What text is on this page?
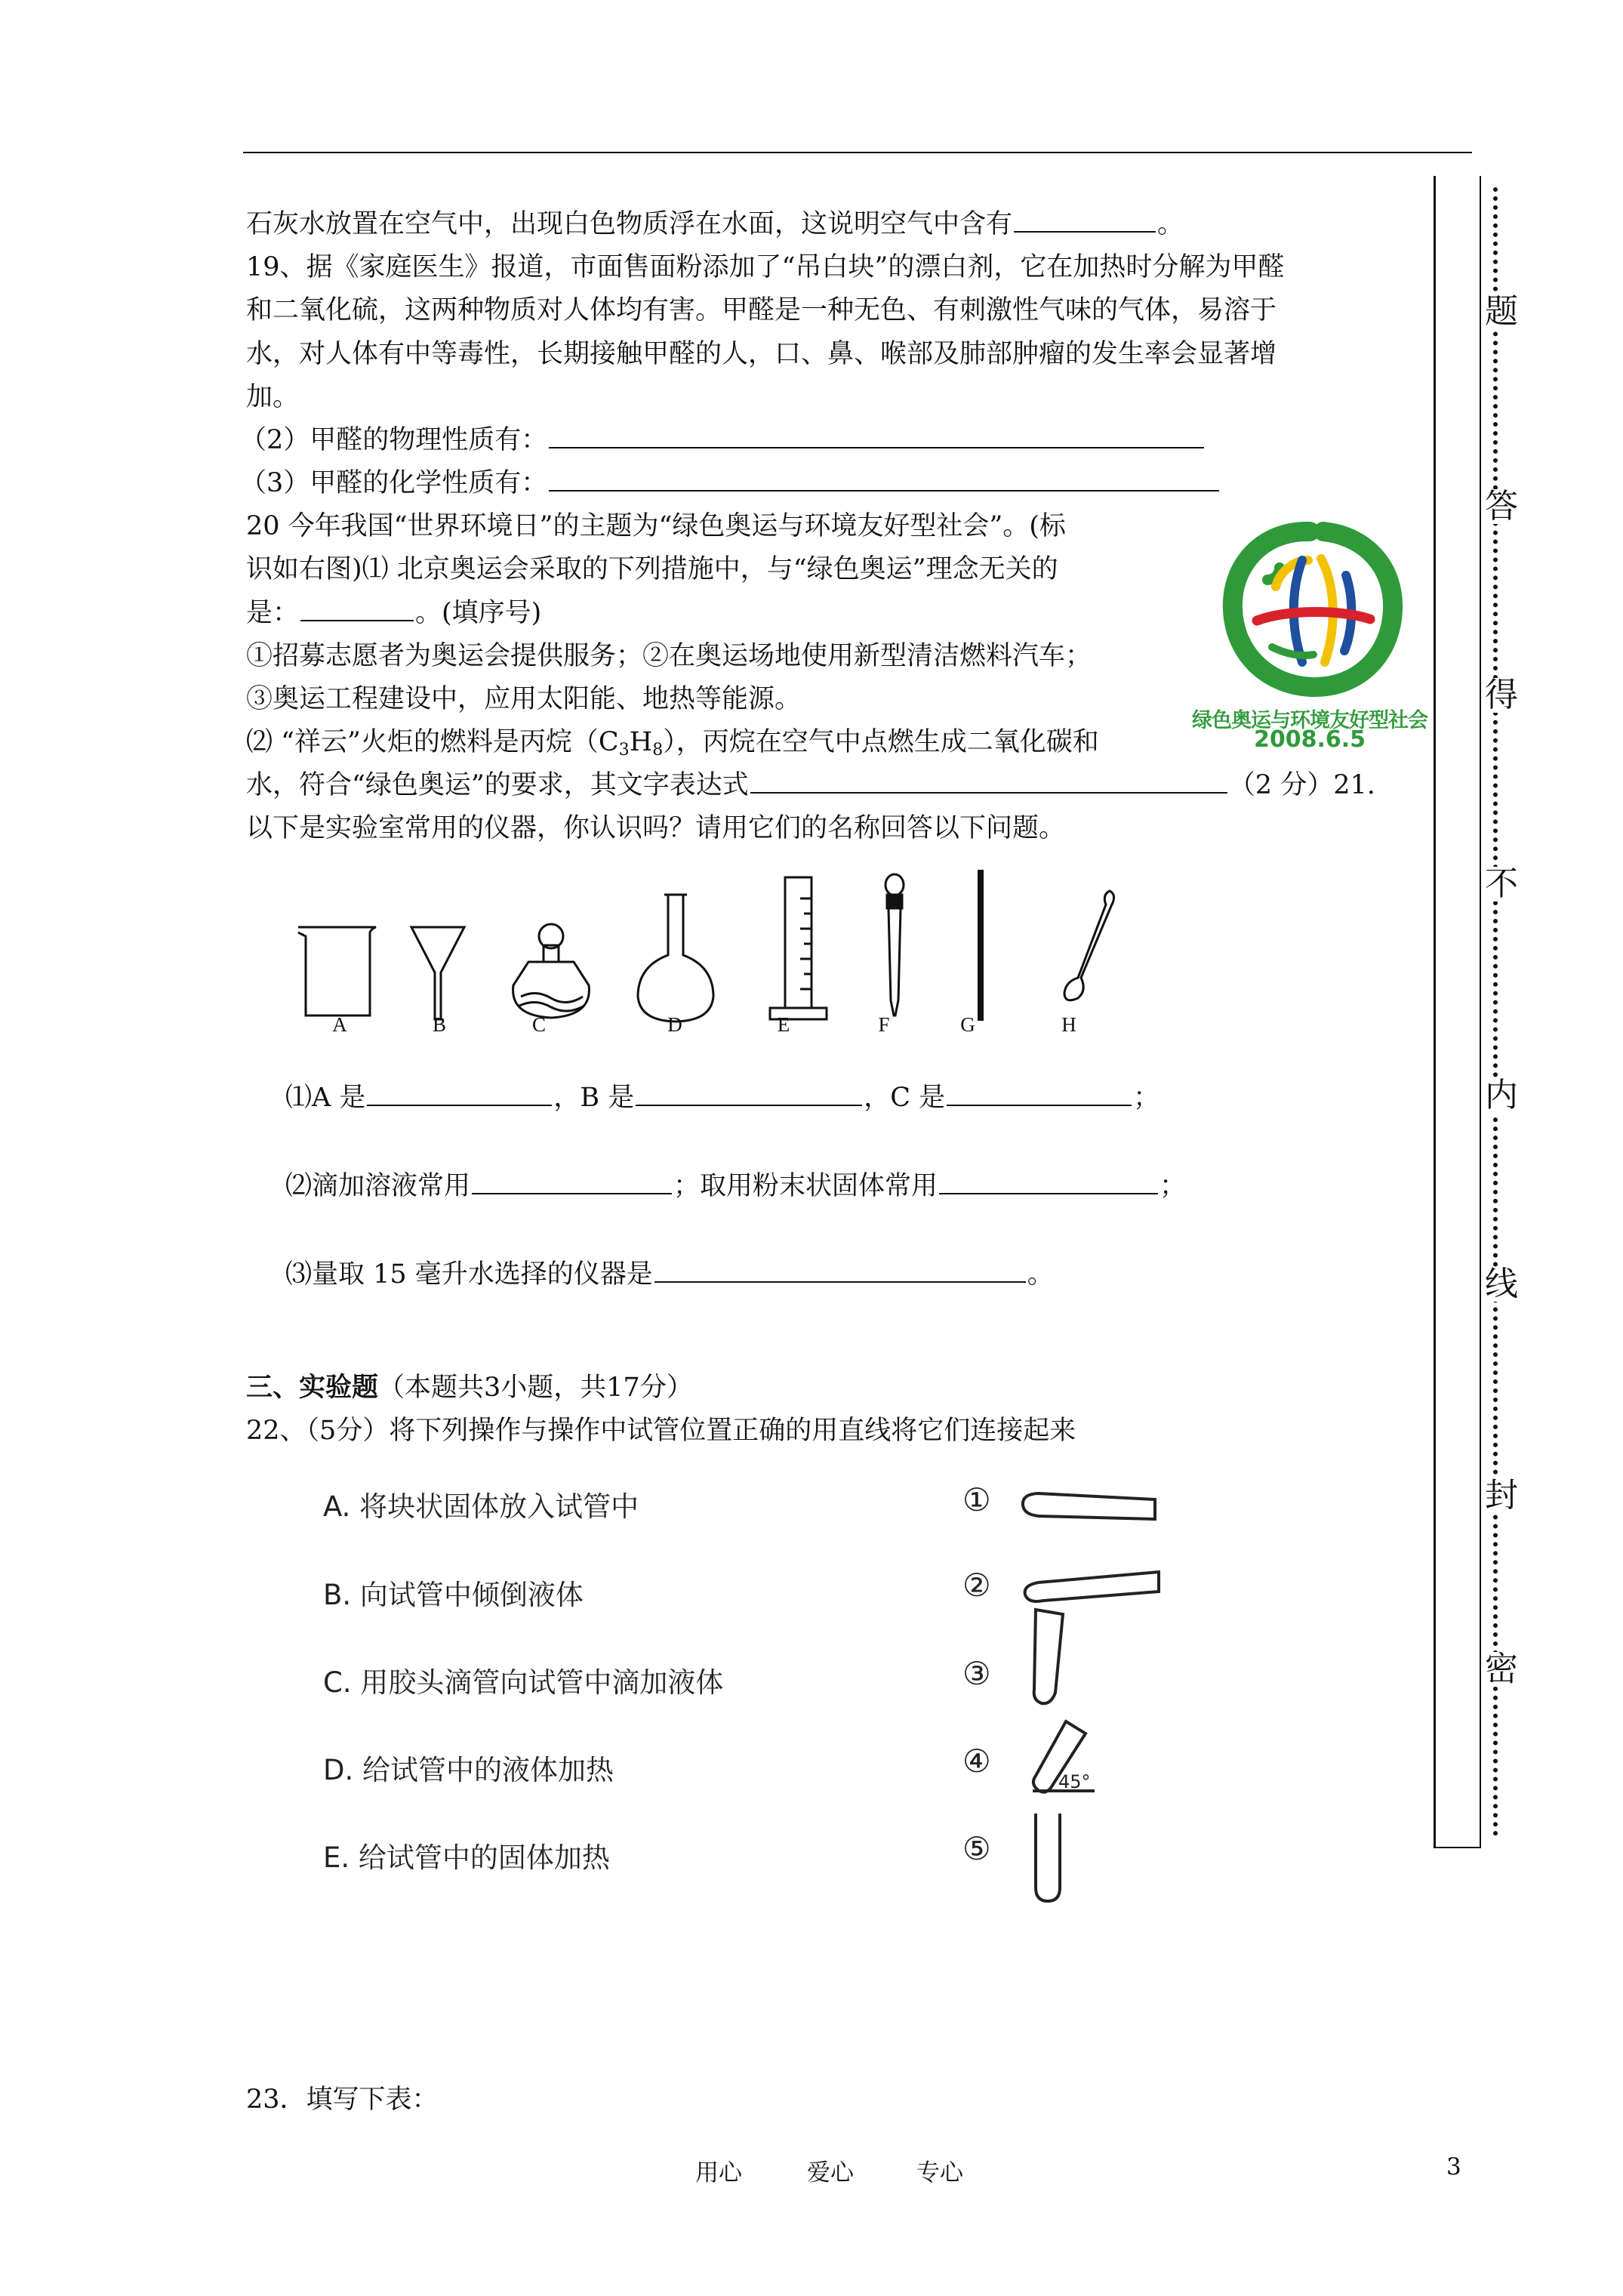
石灰水放置在空气中，出现白色物质浮在水面，这说明空气中含有	。
19、据《家庭医生》报道，市面售面粉添加了“吊白块”的漂白剂，它在加热时分解为甲醛
和二氧化硫，这两种物质对人体均有害。甲醛是一种无色、有刺激性气味的气体，易溶于
水，对人体有中等毒性，长期接触甲醛的人，口、鼻、喉部及肺部肿瘤的发生率会显著增
加。
（2）甲醛的物理性质有：
（3）甲醛的化学性质有：
20 今年我国“世界环境日”的主题为“绿色奥运与环境友好型社会”。(标
识如右图)⑴ 北京奥运会采取的下列措施中，与“绿色奥运”理念无关的
是：	。(填序号)
①招募志愿者为奥运会提供服务；②在奥运场地使用新型清洁燃料汽车；
③奥运工程建设中，应用太阳能、地热等能源。
⑵ “祥云”火炬的燃料是丙烷$(C_3H_8)$，丙烷在空气中点燃生成二氧化碳和
水，符合“绿色奥运”的要求，其文字表达式	（2 分）21.
以下是实验室常用的仪器，你认识吗？请用它们的名称回答以下问题。
绿色奥运与环境友好型社会
2008.6.5
A	B	C	D	E	F	G	H
⑴A 是	，B 是	，C 是	；
⑵滴加溶液常用	；取用粉末状固体常用	；
⑶量取 15 毫升水选择的仪器是	。
三、实验题（本题共3小题，共17分）
22、（5分）将下列操作与操作中试管位置正确的用直线将它们连接起来
A. 将块状固体放入试管中
B. 向试管中倾倒液体
C. 用胶头滴管向试管中滴加液体
D. 给试管中的液体加热
E. 给试管中的固体加热
①
②
③
④
⑤
45°
23．填写下表：
题
答
得
不
内
线
封
密
用心	爱心	专心	3
